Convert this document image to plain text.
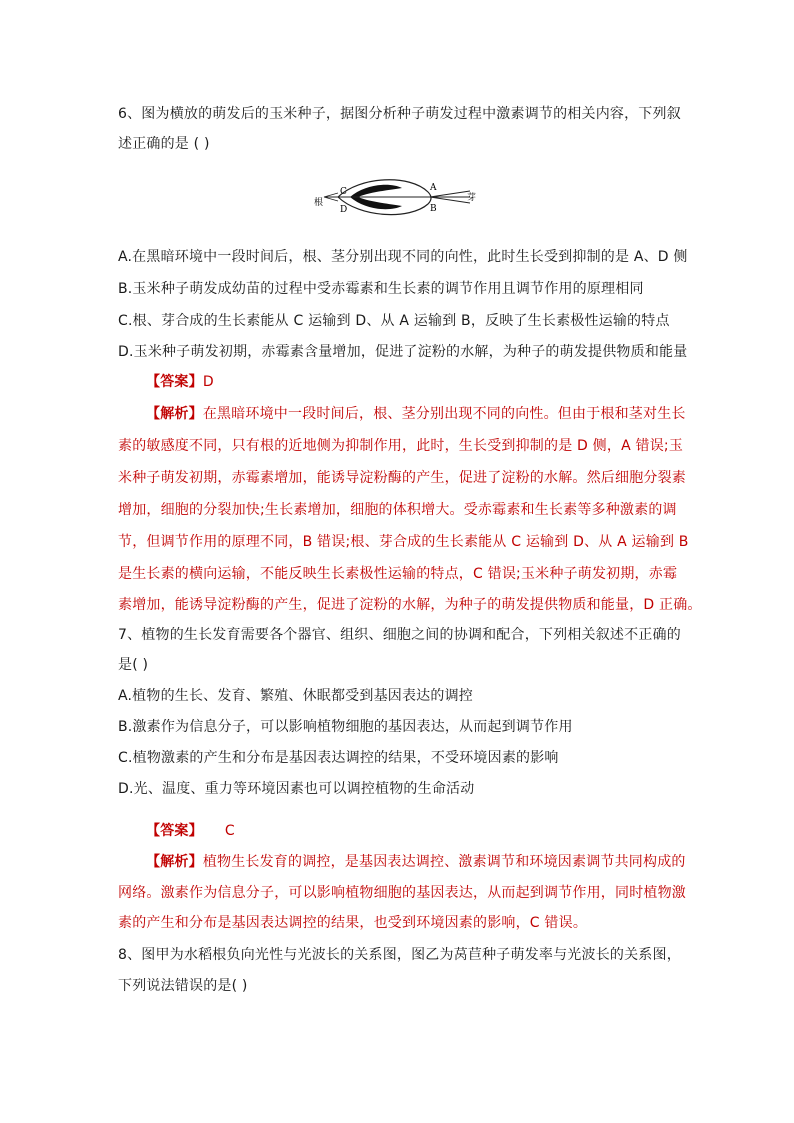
6、图为横放的萌发后的玉米种子，据图分析种子萌发过程中激素调节的相关内容，下列叙
述正确的是 ( )
根
C
D
A
B
芽
A.在黑暗环境中一段时间后，根、茎分别出现不同的向性，此时生长受到抑制的是 A、D 侧
B.玉米种子萌发成幼苗的过程中受赤霉素和生长素的调节作用且调节作用的原理相同
C.根、芽合成的生长素能从 C 运输到 D、从 A 运输到 B，反映了生长素极性运输的特点
D.玉米种子萌发初期，赤霉素含量增加，促进了淀粉的水解，为种子的萌发提供物质和能量
【答案】D
【解析】在黑暗环境中一段时间后，根、茎分别出现不同的向性。但由于根和茎对生长
素的敏感度不同，只有根的近地侧为抑制作用，此时，生长受到抑制的是 D 侧，A 错误;玉
米种子萌发初期，赤霉素增加，能诱导淀粉酶的产生，促进了淀粉的水解。然后细胞分裂素
增加，细胞的分裂加快;生长素增加，细胞的体积增大。受赤霉素和生长素等多种激素的调
节，但调节作用的原理不同，B 错误;根、芽合成的生长素能从 C 运输到 D、从 A 运输到 B
是生长素的横向运输，不能反映生长素极性运输的特点，C 错误;玉米种子萌发初期，赤霉
素增加，能诱导淀粉酶的产生，促进了淀粉的水解，为种子的萌发提供物质和能量，D 正确。
7、植物的生长发育需要各个器官、组织、细胞之间的协调和配合，下列相关叙述不正确的
是( )
A.植物的生长、发育、繁殖、休眠都受到基因表达的调控
B.激素作为信息分子，可以影响植物细胞的基因表达，从而起到调节作用
C.植物激素的产生和分布是基因表达调控的结果，不受环境因素的影响
D.光、温度、重力等环境因素也可以调控植物的生命活动
【答案】 C
【解析】植物生长发育的调控，是基因表达调控、激素调节和环境因素调节共同构成的
网络。激素作为信息分子，可以影响植物细胞的基因表达，从而起到调节作用，同时植物激
素的产生和分布是基因表达调控的结果，也受到环境因素的影响，C 错误。
8、图甲为水稻根负向光性与光波长的关系图，图乙为莴苣种子萌发率与光波长的关系图，
下列说法错误的是( )
